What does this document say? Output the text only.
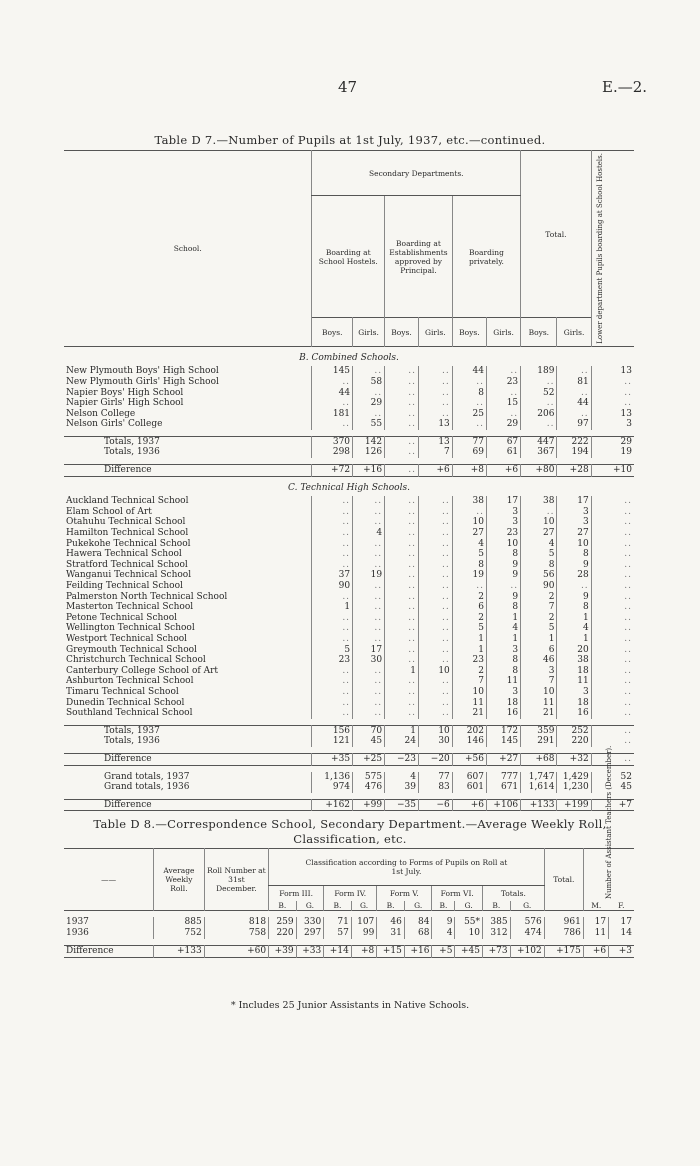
47	E.—2.
Table D 7.—Number of Pupils at 1st July, 1937, etc.—continued.
School.	Secondary Departments.						Total.		Lower department Pupils boarding at School Hostels.

	Boarding at School Hostels.		Boarding at Establishments approved by Principal.		Boarding privately.				
	Boys.	Girls.	Boys.	Girls.	Boys.	Girls.	Boys.	Girls.	
B. Combined Schools.									
New Plymouth Boys' High School	145	..	..	..	44	..	189	..	13
New Plymouth Girls' High School	..	58	..	..	..	23	..	81	..
Napier Boys' High School	44	..	..	..	8	..	52	..	..
Napier Girls' High School	..	29	..	..	..	15	..	44	..
Nelson College	181	..	..	..	25	..	206	..	13
Nelson Girls' College	..	55	..	13	..	29	..	97	3

Totals, 1937	370	142	..	13	77	67	447	222	29
Totals, 1936	298	126	..	7	69	61	367	194	19

Difference	+72	+16	..	+6	+8	+6	+80	+28	+10
C. Technical High Schools.									
Auckland Technical School	..	..	..	..	38	17	38	17	..
Elam School of Art	..	..	..	..	..	3	..	3	..
Otahuhu Technical School	..	..	..	..	10	3	10	3	..
Hamilton Technical School	..	4	..	..	27	23	27	27	..
Pukekohe Technical School	..	..	..	..	4	10	4	10	..
Hawera Technical School	..	..	..	..	5	8	5	8	..
Stratford Technical School	..	..	..	..	8	9	8	9	..
Wanganui Technical School	37	19	..	..	19	9	56	28	..
Feilding Technical School	90	..	..	..	..	..	90	..	..
Palmerston North Technical School	..	..	..	..	2	9	2	9	..
Masterton Technical School	1	..	..	..	6	8	7	8	..
Petone Technical School	..	..	..	..	2	1	2	1	..
Wellington Technical School	..	..	..	..	5	4	5	4	..
Westport Technical School	..	..	..	..	1	1	1	1	..
Greymouth Technical School	5	17	..	..	1	3	6	20	..
Christchurch Technical School	23	30	..	..	23	8	46	38	..
Canterbury College School of Art	..	..	1	10	2	8	3	18	..
Ashburton Technical School	..	..	..	..	7	11	7	11	..
Timaru Technical School	..	..	..	..	10	3	10	3	..
Dunedin Technical School	..	..	..	..	11	18	11	18	..
Southland Technical School	..	..	..	..	21	16	21	16	..

Totals, 1937	156	70	1	10	202	172	359	252	..
Totals, 1936	121	45	24	30	146	145	291	220	..

Difference	+35	+25	−23	−20	+56	+27	+68	+32	..

Grand totals, 1937	1,136	575	4	77	607	777	1,747	1,429	52
Grand totals, 1936	974	476	39	83	601	671	1,614	1,230	45

Difference	+162	+99	−35	−6	+6	+106	+133	+199	+7
Table D 8.—Correspondence School, Secondary Department.—Average Weekly Roll,
Classification, etc.
——	Average Weekly Roll.	Roll Number at 31st December.	Classification according to Forms of Pupils on Roll at 1st July.										Total.	Number of Assistant Teachers (December).	

			Form III.		Form IV.		Form V.		Form VI.		Totals.				
			B.	G.	B.	G.	B.	G.	B.	G.	B.	G.		M.	F.

1937	885	818	259	330	71	107	46	84	9	55*	385	576	961	17	17
1936	752	758	220	297	57	99	31	68	4	10	312	474	786	11	14

Difference	+133	+60	+39	+33	+14	+8	+15	+16	+5	+45	+73	+102	+175	+6	+3
* Includes 25 Junior Assistants in Native Schools.
